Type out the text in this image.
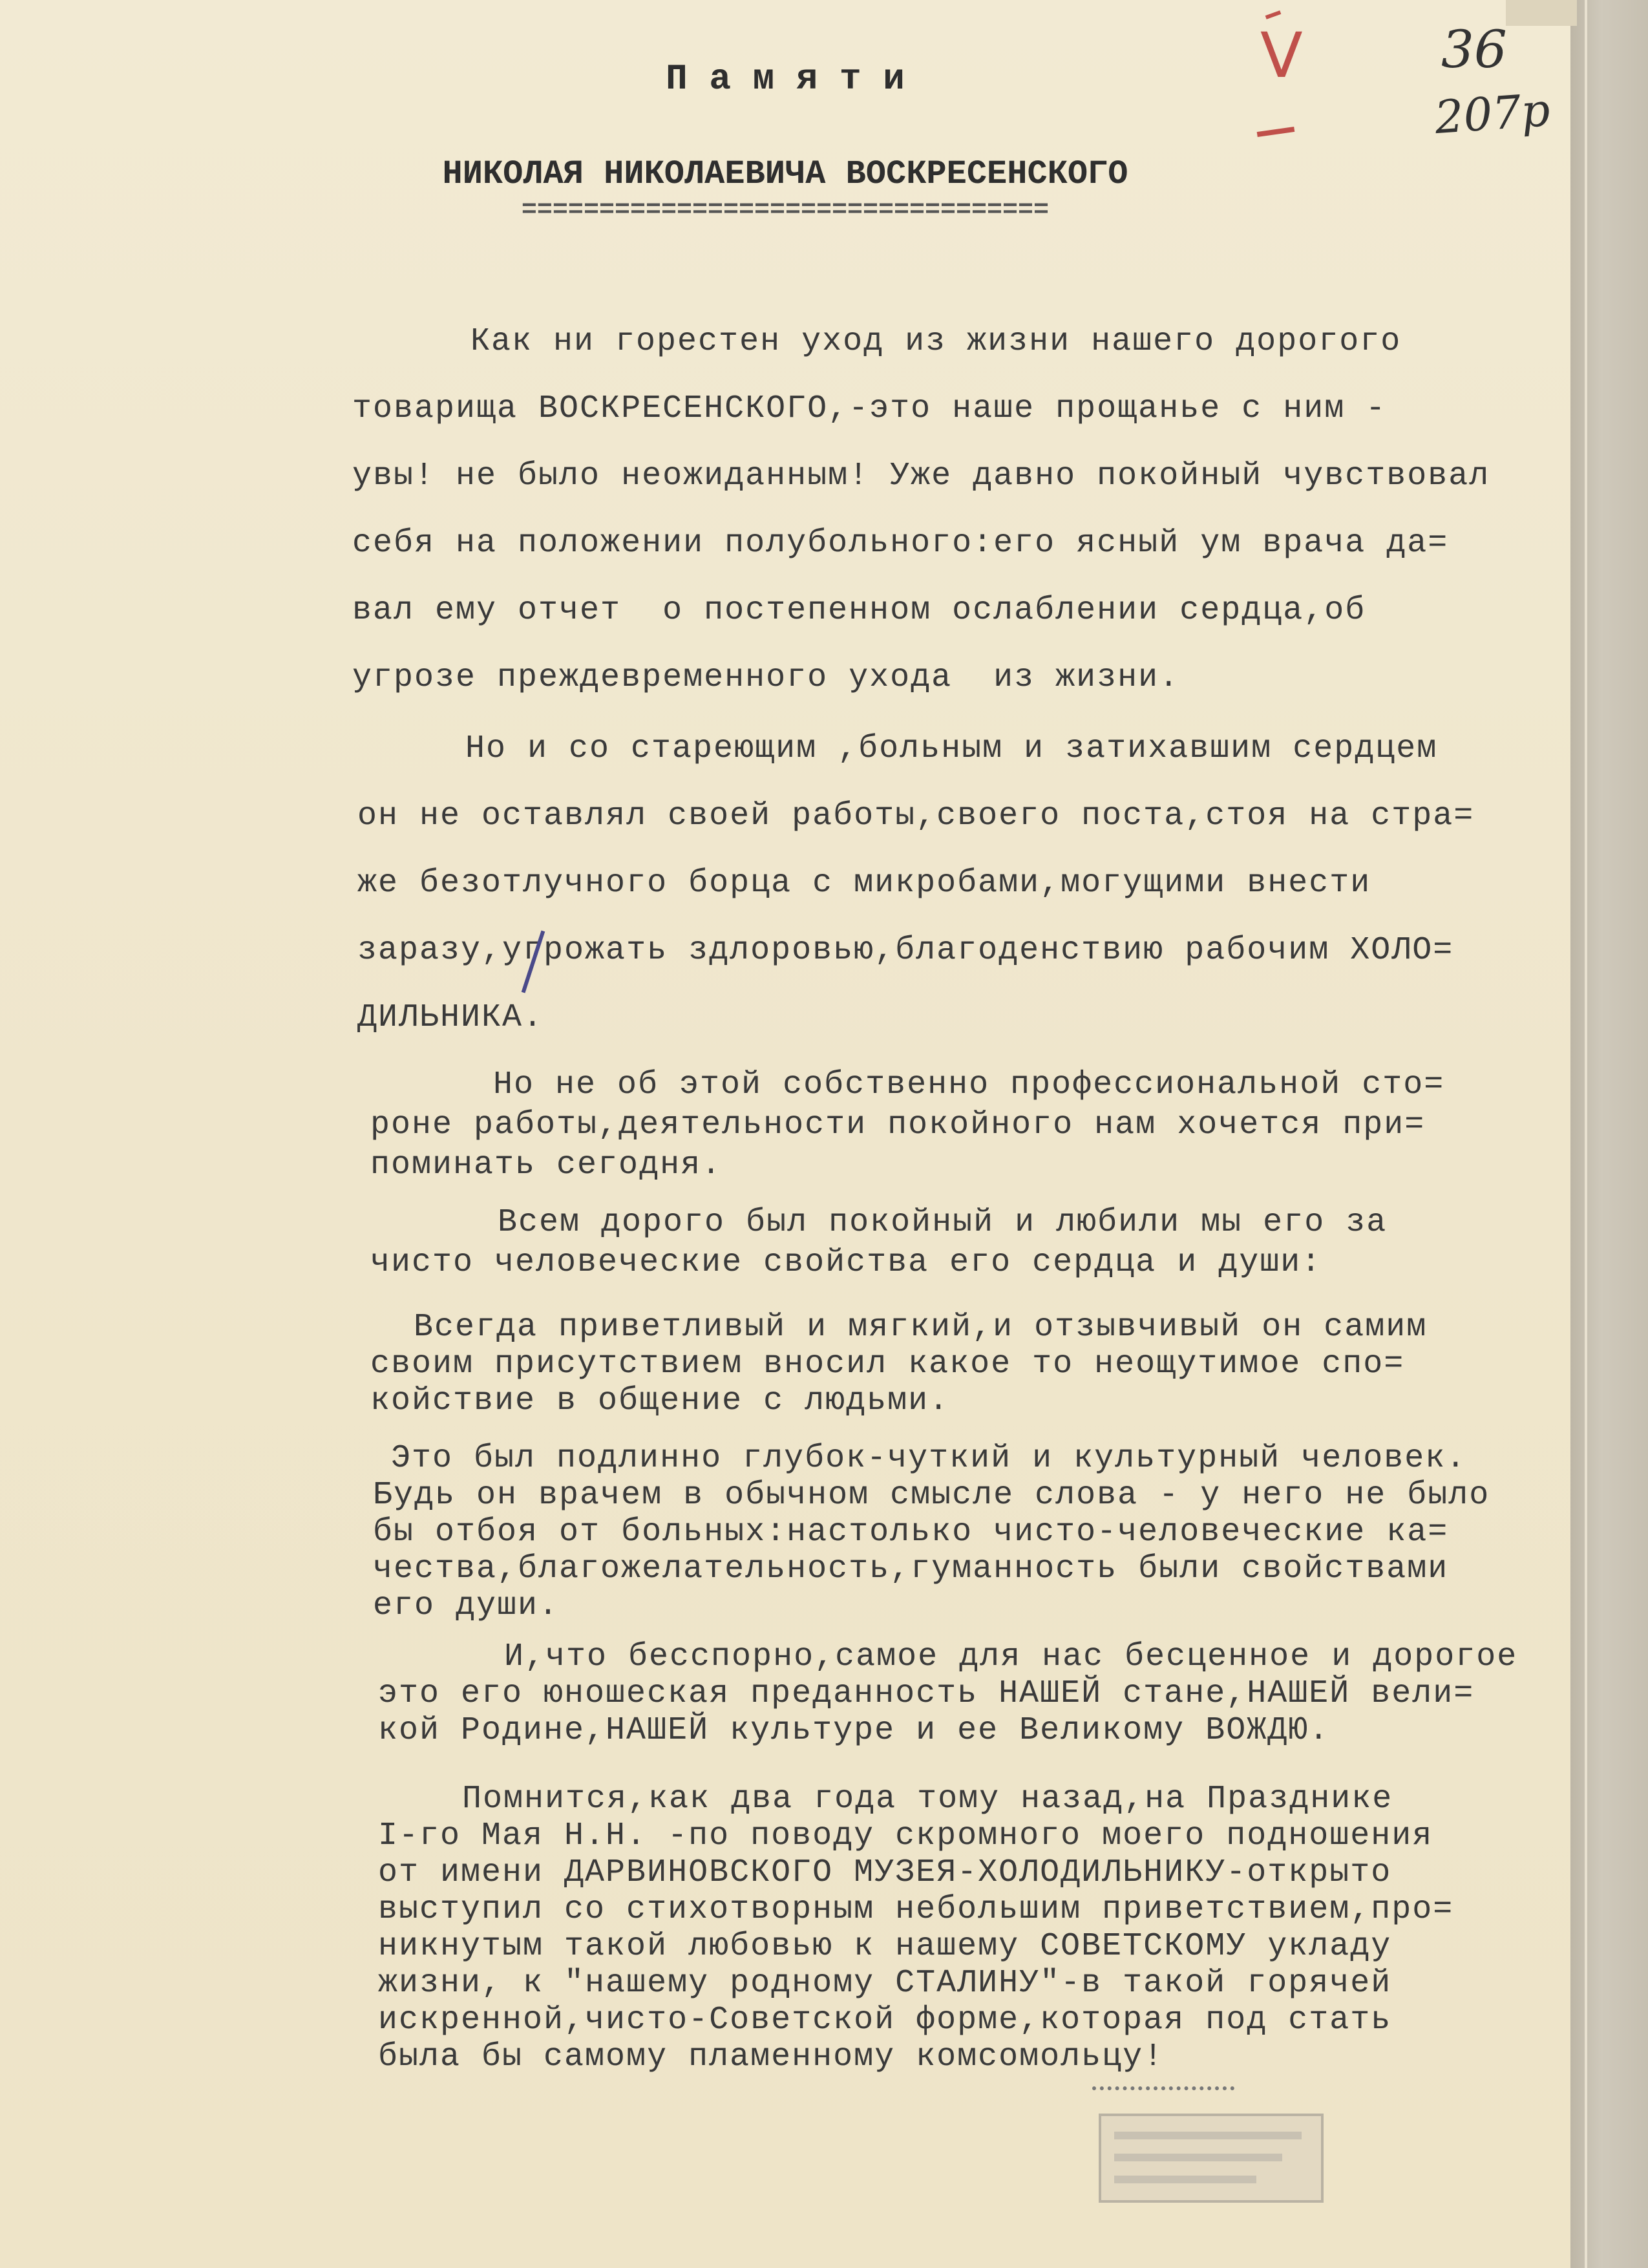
V	36
207р
П а м я т и
НИКОЛАЯ НИКОЛАЕВИЧА ВОСКРЕСЕНСКОГО
==================================
Как ни горестен уход из жизни нашего дорогого
товарища ВОСКРЕСЕНСКОГО,-это наше прощанье с ним -
увы! не было неожиданным! Уже давно покойный чувствовал
себя на положении полубольного:его ясный ум врача да=
вал ему отчет  о постепенном ослаблении сердца,об
угрозе преждевременного ухода  из жизни.
Но и со стареющим ,больным и затихавшим сердцем
он не оставлял своей работы,своего поста,стоя на стра=
же безотлучного борца с микробами,могущими внести
заразу,угрожать здлоровью,благоденствию рабочим ХОЛО=
ДИЛЬНИКА.
Но не об этой собственно профессиональной сто=
роне работы,деятельности покойного нам хочется при=
поминать сегодня.
Всем дорого был покойный и любили мы его за
чисто человеческие свойства его сердца и души:
Всегда приветливый и мягкий,и отзывчивый он самим
своим присутствием вносил какое то неощутимое спо=
койствие в общение с людьми.
Это был подлинно глубок-чуткий и культурный человек.
Будь он врачем в обычном смысле слова - у него не было
бы отбоя от больных:настолько чисто-человеческие ка=
чества,благожелательность,гуманность были свойствами
его души.
И,что бесспорно,самое для нас бесценное и дорогое
это его юношеская преданность НАШЕЙ стане,НАШЕЙ вели=
кой Родине,НАШЕЙ культуре и ее Великому ВОЖДЮ.
Помнится,как два года тому назад,на Празднике
I-го Мая Н.Н. -по поводу скромного моего подношения
от имени ДАРВИНОВСКОГО МУЗЕЯ-ХОЛОДИЛЬНИКУ-открыто
выступил со стихотворным небольшим приветствием,про=
никнутым такой любовью к нашему СОВЕТСКОМУ укладу
жизни, к "нашему родному СТАЛИНУ"-в такой горячей
искренной,чисто-Советской форме,которая под стать
была бы самому пламенному комсомольцу!
